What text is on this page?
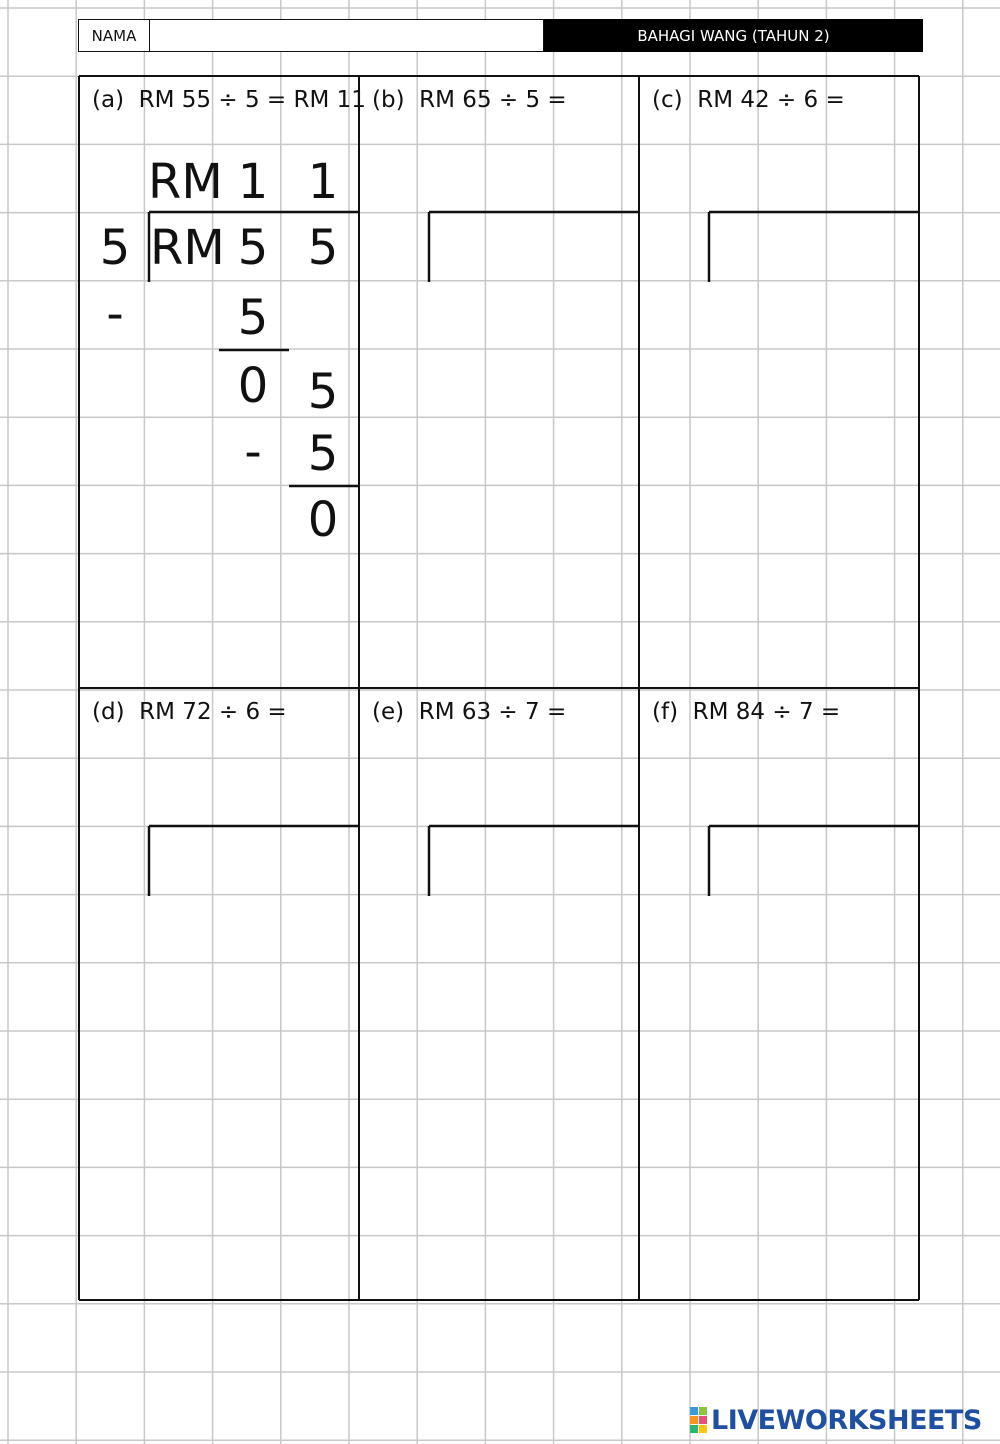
NAMA	BAHAGI WANG (TAHUN 2)
(a)  RM 55 ÷ 5 = RM 11 (b)  RM 65 ÷ 5 =	(c)  RM 42 ÷ 6 =
(d)  RM 72 ÷ 6 =	(e)  RM 63 ÷ 7 =	(f)  RM 84 ÷ 7 =
RM 1 1
5 RM 5 5
-	5
0 5
- 5
0
LIVEWORKSHEETS
